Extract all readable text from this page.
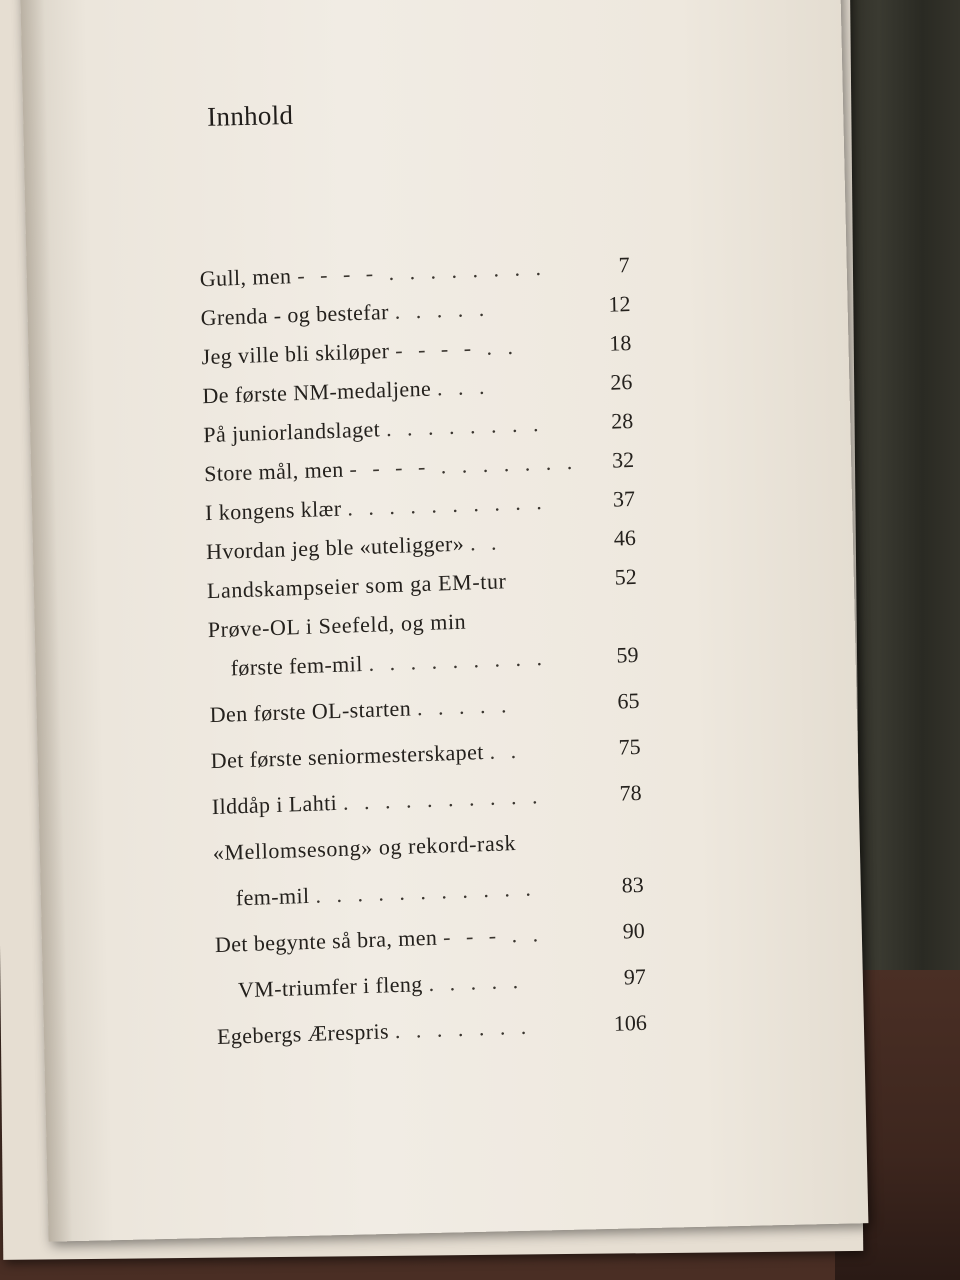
Innhold
Gull, men - - - - . . . . . . . .	7
Grenda - og bestefar . . . . .	12
Jeg ville bli skiløper - - - - . .	18
De første NM-medaljene . . .	26
På juniorlandslaget . . . . . . . .	28
Store mål, men - - - - . . . . . . . 32
I kongens klær . . . . . . . . . .	37
Hvordan jeg ble «uteligger» . .	46
Landskampseier som ga EM-tur	52
Prøve-OL i Seefeld, og min
første fem-mil . . . . . . . . .	59
Den første OL-starten . . . . .	65
Det første seniormesterskapet . .	75
Ilddåp i Lahti . . . . . . . . . .	78
«Mellomsesong» og rekord-rask
fem-mil . . . . . . . . . . .	83
Det begynte så bra, men - - - . .	90
VM-triumfer i fleng . . . . .	97
Egebergs Ærespris . . . . . . .	106
